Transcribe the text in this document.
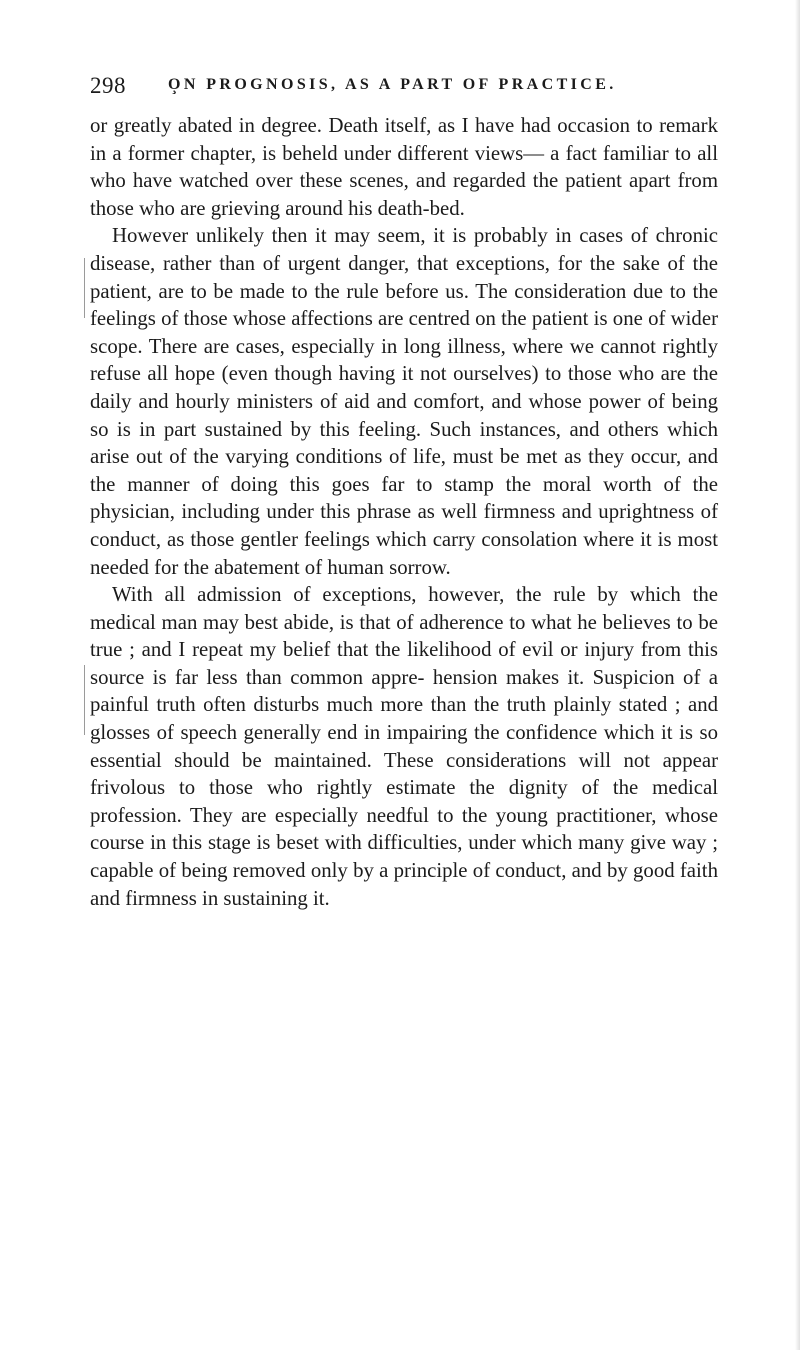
298	O̧N PROGNOSIS, AS A PART OF PRACTICE.

or greatly abated in degree. Death itself, as I have had occasion to remark in a former chapter, is beheld under different views— a fact familiar to all who have watched over these scenes, and regarded the patient apart from those who are grieving around his death-bed.

However unlikely then it may seem, it is probably in cases of chronic disease, rather than of urgent danger, that exceptions, for the sake of the patient, are to be made to the rule before us. The consideration due to the feelings of those whose affections are centred on the patient is one of wider scope. There are cases, especially in long illness, where we cannot rightly refuse all hope (even though having it not ourselves) to those who are the daily and hourly ministers of aid and comfort, and whose power of being so is in part sustained by this feeling. Such instances, and others which arise out of the varying conditions of life, must be met as they occur, and the manner of doing this goes far to stamp the moral worth of the physician, including under this phrase as well firmness and uprightness of conduct, as those gentler feelings which carry consolation where it is most needed for the abatement of human sorrow.

With all admission of exceptions, however, the rule by which the medical man may best abide, is that of adherence to what he believes to be true ; and I repeat my belief that the likelihood of evil or injury from this source is far less than common appre- hension makes it. Suspicion of a painful truth often disturbs much more than the truth plainly stated ; and glosses of speech generally end in impairing the confidence which it is so essential should be maintained. These considerations will not appear frivolous to those who rightly estimate the dignity of the medical profession. They are especially needful to the young practitioner, whose course in this stage is beset with difficulties, under which many give way ; capable of being removed only by a principle of conduct, and by good faith and firmness in sustaining it.
